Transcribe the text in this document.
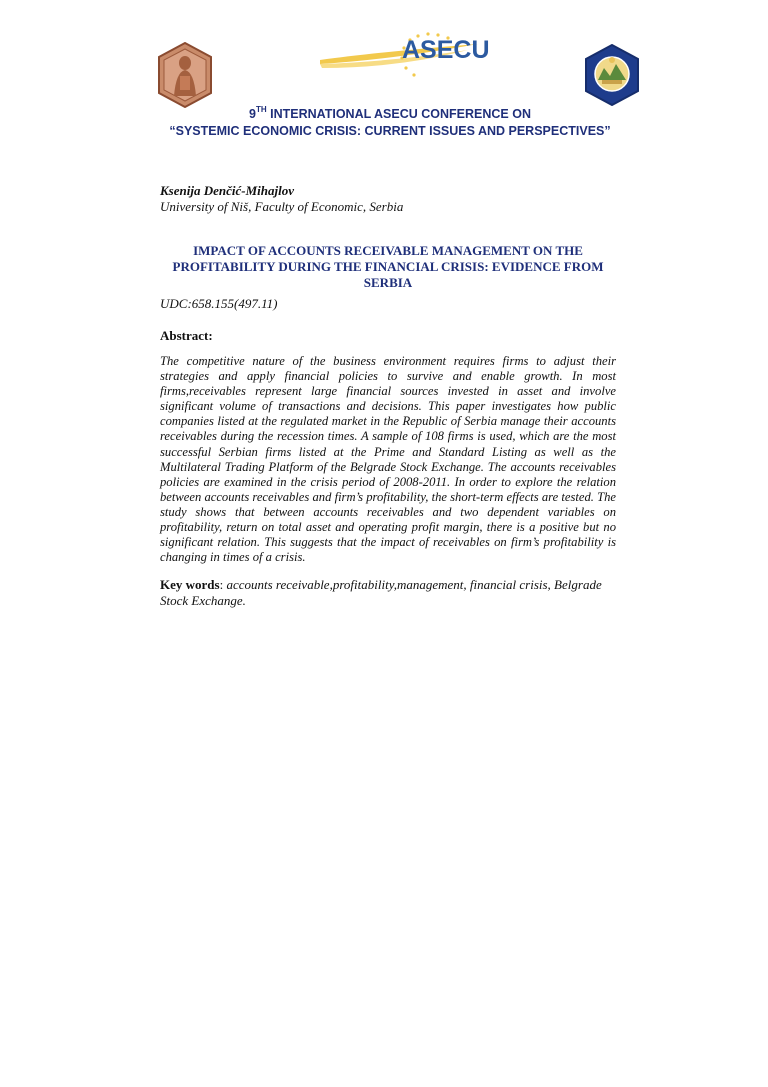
ASECU
9TH INTERNATIONAL ASECU CONFERENCE ON
“SYSTEMIC ECONOMIC CRISIS: CURRENT ISSUES AND PERSPECTIVES”
Ksenija Denčić-Mihajlov
University of Niš, Faculty of Economic, Serbia
IMPACT OF ACCOUNTS RECEIVABLE MANAGEMENT ON THE PROFITABILITY DURING THE FINANCIAL CRISIS: EVIDENCE FROM SERBIA
UDC:658.155(497.11)
Abstract:

The competitive nature of the business environment requires firms to adjust their strategies and apply financial policies to survive and enable growth. In most firms,receivables represent large financial sources invested in asset and involve significant volume of transactions and decisions. This paper investigates how public companies listed at the regulated market in the Republic of Serbia manage their accounts receivables during the recession times. A sample of 108 firms is used, which are the most successful Serbian firms listed at the Prime and Standard Listing as well as the Multilateral Trading Platform of the Belgrade Stock Exchange. The accounts receivables policies are examined in the crisis period of 2008-2011. In order to explore the relation between accounts receivables and firm’s profitability, the short-term effects are tested. The study shows that between accounts receivables and two dependent variables on profitability, return on total asset and operating profit margin, there is a positive but no significant relation. This suggests that the impact of receivables on firm’s profitability is changing in times of a crisis.

Key words: accounts receivable,profitability,management, financial crisis, Belgrade Stock Exchange.
